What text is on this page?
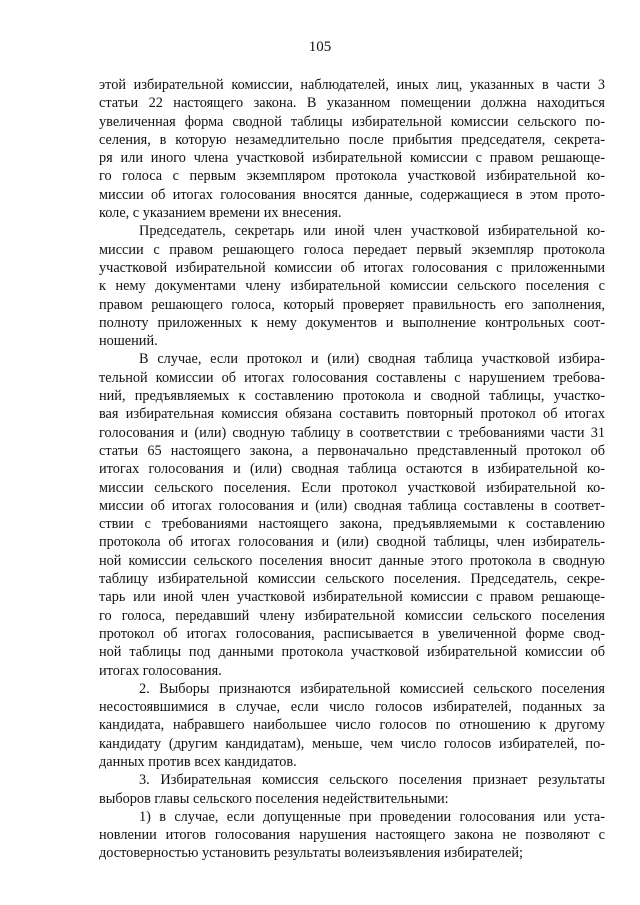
105
этой избирательной комиссии, наблюдателей, иных лиц, указанных в части 3
статьи 22 настоящего закона. В указанном помещении должна находиться
увеличенная форма сводной таблицы избирательной комиссии сельского по-
селения, в которую незамедлительно после прибытия председателя, секрета-
ря или иного члена участковой избирательной комиссии с правом решающе-
го голоса с первым экземпляром протокола участковой избирательной ко-
миссии об итогах голосования вносятся данные, содержащиеся в этом прото-
коле, с указанием времени их внесения.
Председатель, секретарь или иной член участковой избирательной ко-
миссии с правом решающего голоса передает первый экземпляр протокола
участковой избирательной комиссии об итогах голосования с приложенными
к нему документами члену избирательной комиссии сельского поселения с
правом решающего голоса, который проверяет правильность его заполнения,
полноту приложенных к нему документов и выполнение контрольных соот-
ношений.
В случае, если протокол и (или) сводная таблица участковой избира-
тельной комиссии об итогах голосования составлены с нарушением требова-
ний, предъявляемых к составлению протокола и сводной таблицы, участко-
вая избирательная комиссия обязана составить повторный протокол об итогах
голосования и (или) сводную таблицу в соответствии с требованиями части 31
статьи 65 настоящего закона, а первоначально представленный протокол об
итогах голосования и (или) сводная таблица остаются в избирательной ко-
миссии сельского поселения. Если протокол участковой избирательной ко-
миссии об итогах голосования и (или) сводная таблица составлены в соответ-
ствии с требованиями настоящего закона, предъявляемыми к составлению
протокола об итогах голосования и (или) сводной таблицы, член избиратель-
ной комиссии сельского поселения вносит данные этого протокола в сводную
таблицу избирательной комиссии сельского поселения. Председатель, секре-
тарь или иной член участковой избирательной комиссии с правом решающе-
го голоса, передавший члену избирательной комиссии сельского поселения
протокол об итогах голосования, расписывается в увеличенной форме свод-
ной таблицы под данными протокола участковой избирательной комиссии об
итогах голосования.
2. Выборы признаются избирательной комиссией сельского поселения
несостоявшимися в случае, если число голосов избирателей, поданных за
кандидата, набравшего наибольшее число голосов по отношению к другому
кандидату (другим кандидатам), меньше, чем число голосов избирателей, по-
данных против всех кандидатов.
3. Избирательная комиссия сельского поселения признает результаты
выборов главы сельского поселения недействительными:
1) в случае, если допущенные при проведении голосования или уста-
новлении итогов голосования нарушения настоящего закона не позволяют с
достоверностью установить результаты волеизъявления избирателей;
